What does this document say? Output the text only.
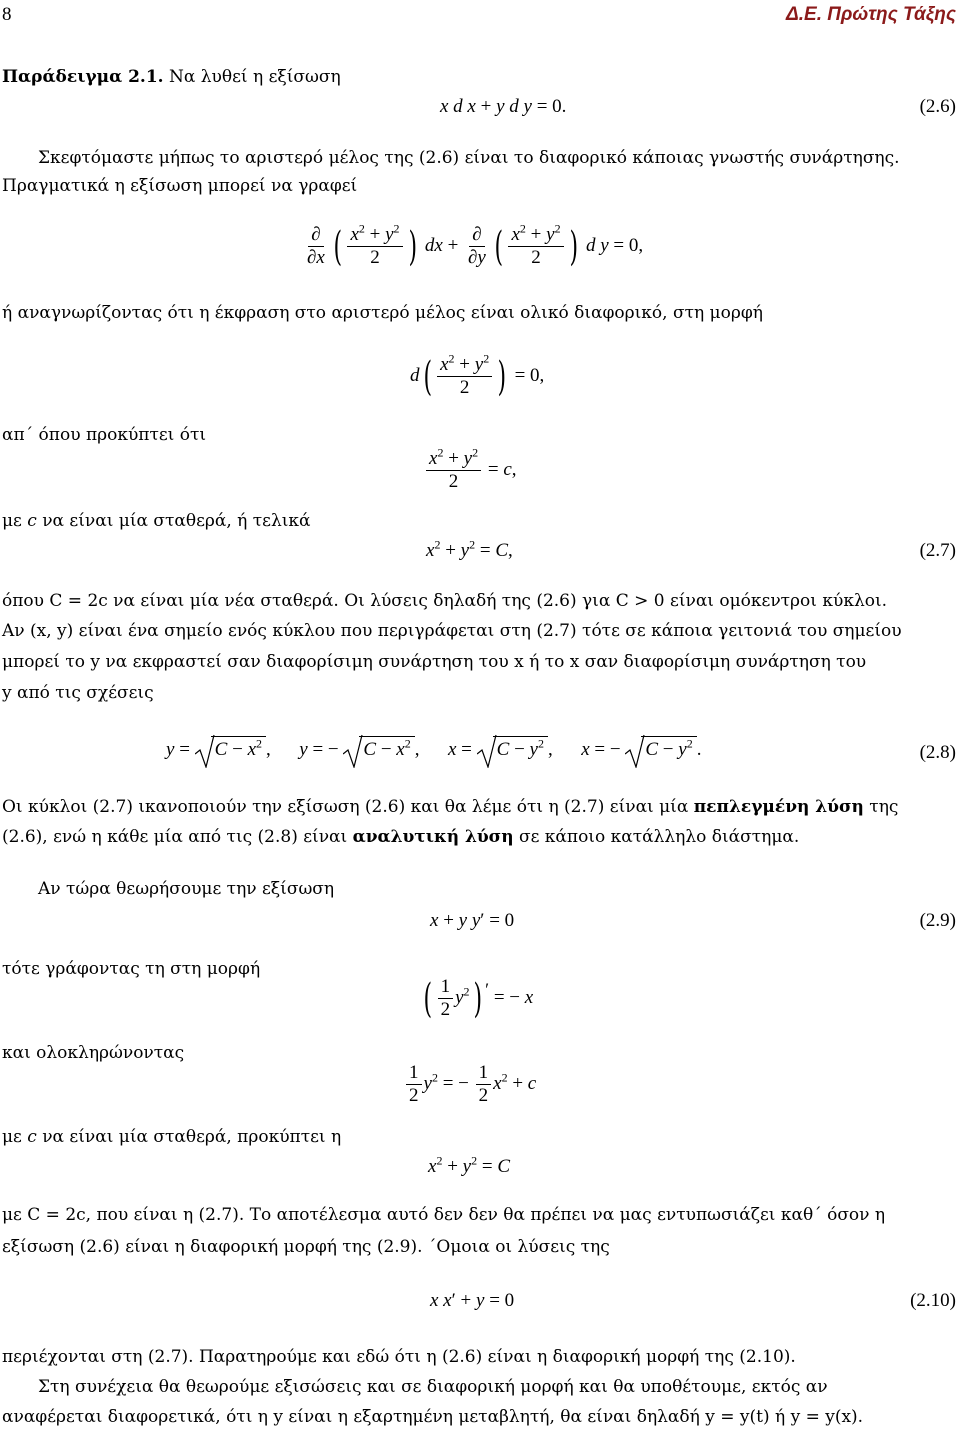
8	Δ.Ε. Πρώτης Τάξης
Παράδειγμα 2.1. Να λυθεί η εξίσωση
x d x + y d y = 0.	(2.6)
Σκεφτόμαστε μήπως το αριστερό μέλος της (2.6) είναι το διαφορικό κάποιας γνωστής συνάρτησης.
Πραγματικά η εξίσωση μπορεί να γραφεί
$\frac{\partial}{\partial x}$ ( $\frac{x^2 + y^2}{2}$ ) dx + $\frac{\partial}{\partial y}$ ( $\frac{x^2 + y^2}{2}$ ) d y = 0,
ή αναγνωρίζοντας ότι η έκφραση στο αριστερό μέλος είναι ολικό διαφορικό, στη μορφή
$d( \frac{x^2 + y^2}{2}$ ) = 0,
απ΄ όπου προκύπτει ότι
$\frac{x^2 + y^2}{2} = c$,
με c να είναι μία σταθερά, ή τελικά
$x^2 + y^2 = C$,	(2.7)
όπου C = 2c να είναι μία νέα σταθερά. Οι λύσεις δηλαδή της (2.6) για C > 0 είναι ομόκεντροι κύκλοι.
Αν (x, y) είναι ένα σημείο ενός κύκλου που περιγράφεται στη (2.7) τότε σε κάποια γειτονιά του σημείου
μπορεί το y να εκφραστεί σαν διαφορίσιμη συνάρτηση του x ή το x σαν διαφορίσιμη συνάρτηση του
y από τις σχέσεις
y =
$C - x^2$ ,      y = −
$C - x^2$ ,      x =
$C - y^2$ ,      x = −
$C - y^2$ .	(2.8)
Οι κύκλοι (2.7) ικανοποιούν την εξίσωση (2.6) και θα λέμε ότι η (2.7) είναι μία πεπλεγμένη λύση της
(2.6), ενώ η κάθε μία από τις (2.8) είναι αναλυτική λύση σε κάποιο κατάλληλο διάστημα.
Αν τώρα θεωρήσουμε την εξίσωση
x + y y′ = 0	(2.9)
τότε γράφοντας τη στη μορφή
( $\frac{1}{2} y^2$) ′ = − x
και ολοκληρώνοντας
$\frac{1}{2} y^2$ = − $\frac{1}{2} x^2 + c$
με c να είναι μία σταθερά, προκύπτει η
$x^2 + y^2 = C$
με C = 2c, που είναι η (2.7). Το αποτέλεσμα αυτό δεν δεν θα πρέπει να μας εντυπωσιάζει καθ΄ όσον η
εξίσωση (2.6) είναι η διαφορική μορφή της (2.9). ΄Ομοια οι λύσεις της
x x′ + y = 0	(2.10)
περιέχονται στη (2.7). Παρατηρούμε και εδώ ότι η (2.6) είναι η διαφορική μορφή της (2.10).
Στη συνέχεια θα θεωρούμε εξισώσεις και σε διαφορική μορφή και θα υποθέτουμε, εκτός αν
αναφέρεται διαφορετικά, ότι η y είναι η εξαρτημένη μεταβλητή, θα είναι δηλαδή y = y(t) ή y = y(x).
